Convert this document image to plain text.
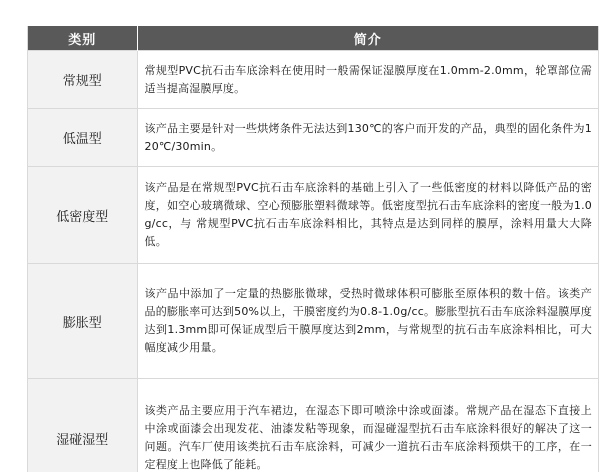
类别	简介
常规型	常规型PVC抗石击车底涂料在使用时一般需保证湿膜厚度在1.0mm-2.0mm，轮罩部位需适当提高湿膜厚度。
低温型	该产品主要是针对一些烘烤条件无法达到130℃的客户而开发的产品，典型的固化条件为120℃/30min。
低密度型	该产品是在常规型PVC抗石击车底涂料的基础上引入了一些低密度的材料以降低产品的密度，如空心玻璃微球、空心预膨胀塑料微球等。低密度型抗石击车底涂料的密度一般为1.0g/cc，与 常规型PVC抗石击车底涂料相比，其特点是达到同样的膜厚，涂料用量大大降低。
膨胀型	该产品中添加了一定量的热膨胀微球，受热时微球体积可膨胀至原体积的数十倍。该类产品的膨胀率可达到50%以上，干膜密度约为0.8-1.0g/cc。膨胀型抗石击车底涂料湿膜厚度达到1.3mm即可保证成型后干膜厚度达到2mm，与常规型的抗石击车底涂料相比，可大幅度减少用量。
湿碰湿型	该类产品主要应用于汽车裙边，在湿态下即可喷涂中涂或面漆。常规产品在湿态下直接上中涂或面漆会出现发花、油漆发粘等现象，而湿碰湿型抗石击车底涂料很好的解决了这一问题。汽车厂使用该类抗石击车底涂料，可减少一道抗石击车底涂料预烘干的工序，在一定程度上也降低了能耗。
